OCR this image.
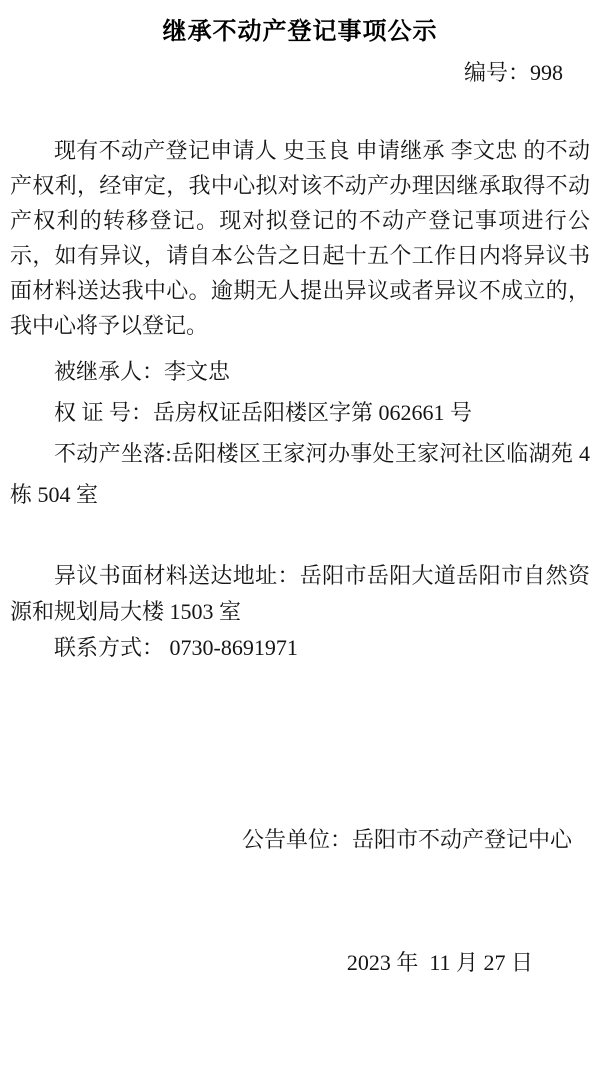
继承不动产登记事项公示
编号：998

现有不动产登记申请人 史玉良 申请继承 李文忠 的不动产权利，经审定，我中心拟对该不动产办理因继承取得不动产权利的转移登记。现对拟登记的不动产登记事项进行公示，如有异议，请自本公告之日起十五个工作日内将异议书面材料送达我中心。逾期无人提出异议或者异议不成立的，我中心将予以登记。

被继承人：李文忠

权 证 号：岳房权证岳阳楼区字第 062661 号

不动产坐落:岳阳楼区王家河办事处王家河社区临湖苑 4 栋 504 室

异议书面材料送达地址：岳阳市岳阳大道岳阳市自然资源和规划局大楼 1503 室

联系方式： 0730-8691971

公告单位：岳阳市不动产登记中心

2023 年  11 月 27 日
